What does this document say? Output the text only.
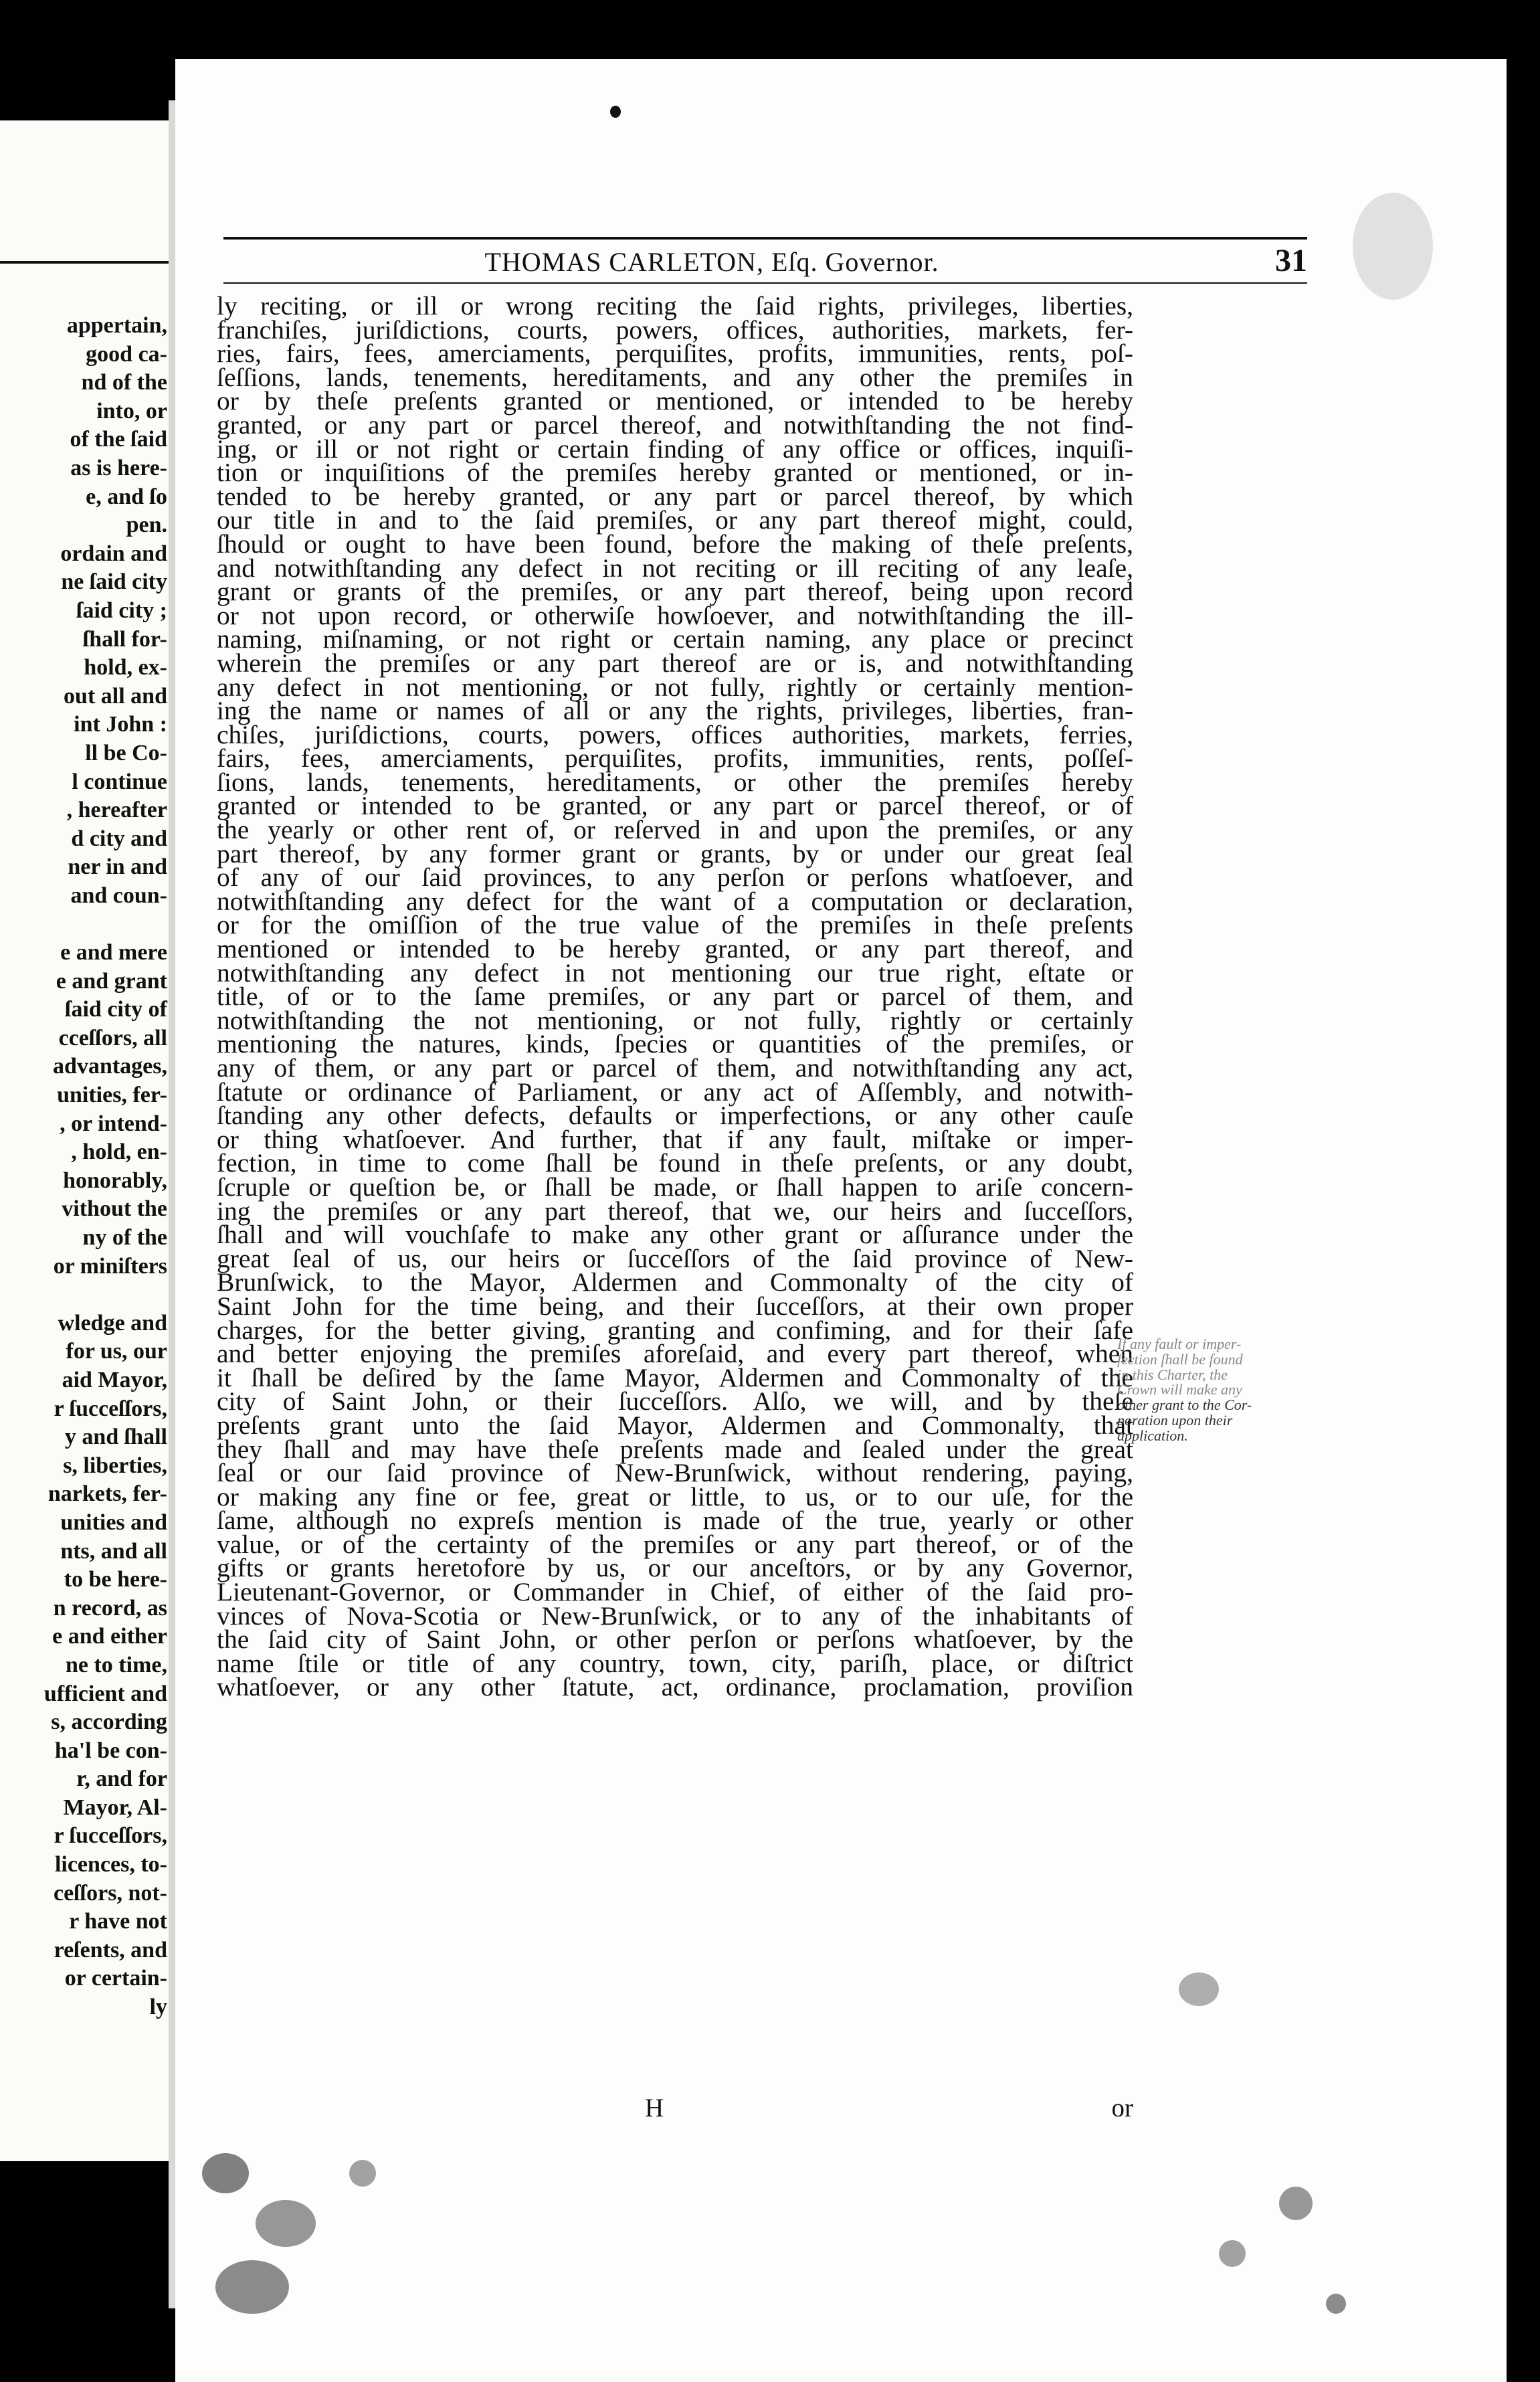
appertain,
good ca-
nd of the
into, or
of the ſaid
as is here-
e, and ſo
pen.
ordain and
ne ſaid city
ſaid city ;
ſhall for-
hold, ex-
out all and
int John :
ll be Co-
l continue
, hereafter
d city and
ner in and
and coun-
e and mere
e and grant
ſaid city of
cceſſors, all
advantages,
unities, fer-
, or intend-
, hold, en-
honorably,
vithout the
ny of the
or miniſters
wledge and
for us, our
aid Mayor,
r ſucceſſors,
y and ſhall
s, liberties,
narkets, fer-
unities and
nts, and all
to be here-
n record, as
e and either
ne to time,
ufficient and
s, according
ha'l be con-
r, and for
Mayor, Al-
r ſucceſſors,
licences, to-
ceſſors, not-
r have not
reſents, and
or certain-
ly
THOMAS CARLETON, Eſq. Governor.	31
ly reciting, or ill or wrong reciting the ſaid rights, privileges, liberties,
franchiſes, juriſdictions, courts, powers, offices, authorities, markets, fer-
ries, fairs, fees, amerciaments, perquiſites, profits, immunities, rents, poſ-
ſeſſions, lands, tenements, hereditaments, and any other the premiſes in
or by theſe preſents granted or mentioned, or intended to be hereby
granted, or any part or parcel thereof, and notwithſtanding the not find-
ing, or ill or not right or certain finding of any office or offices, inquiſi-
tion or inquiſitions of the premiſes hereby granted or mentioned, or in-
tended to be hereby granted, or any part or parcel thereof, by which
our title in and to the ſaid premiſes, or any part thereof might, could,
ſhould or ought to have been found, before the making of theſe preſents,
and notwithſtanding any defect in not reciting or ill reciting of any leaſe,
grant or grants of the premiſes, or any part thereof, being upon record
or not upon record, or otherwiſe howſoever, and notwithſtanding the ill-
naming, miſnaming, or not right or certain naming, any place or precinct
wherein the premiſes or any part thereof are or is, and notwithſtanding
any defect in not mentioning, or not fully, rightly or certainly mention-
ing the name or names of all or any the rights, privileges, liberties, fran-
chiſes, juriſdictions, courts, powers, offices authorities, markets, ferries,
fairs, fees, amerciaments, perquiſites, profits, immunities, rents, poſſeſ-
ſions, lands, tenements, hereditaments, or other the premiſes hereby
granted or intended to be granted, or any part or parcel thereof, or of
the yearly or other rent of, or reſerved in and upon the premiſes, or any
part thereof, by any former grant or grants, by or under our great ſeal
of any of our ſaid provinces, to any perſon or perſons whatſoever, and
notwithſtanding any defect for the want of a computation or declaration,
or for the omiſſion of the true value of the premiſes in theſe preſents
mentioned or intended to be hereby granted, or any part thereof, and
notwithſtanding any defect in not mentioning our true right, eſtate or
title, of or to the ſame premiſes, or any part or parcel of them, and
notwithſtanding the not mentioning, or not fully, rightly or certainly
mentioning the natures, kinds, ſpecies or quantities of the premiſes, or
any of them, or any part or parcel of them, and notwithſtanding any act,
ſtatute or ordinance of Parliament, or any act of Aſſembly, and notwith-
ſtanding any other defects, defaults or imperfections, or any other cauſe
or thing whatſoever. And further, that if any fault, miſtake or imper-
fection, in time to come ſhall be found in theſe preſents, or any doubt,
ſcruple or queſtion be, or ſhall be made, or ſhall happen to ariſe concern-
ing the premiſes or any part thereof, that we, our heirs and ſucceſſors,
ſhall and will vouchſafe to make any other grant or aſſurance under the
great ſeal of us, our heirs or ſucceſſors of the ſaid province of New-
Brunſwick, to the Mayor, Aldermen and Commonalty of the city of
Saint John for the time being, and their ſucceſſors, at their own proper
charges, for the better giving, granting and confiming, and for their ſafe
and better enjoying the premiſes aforeſaid, and every part thereof, when
it ſhall be deſired by the ſame Mayor, Aldermen and Commonalty of the
city of Saint John, or their ſucceſſors. Alſo, we will, and by theſe
preſents grant unto the ſaid Mayor, Aldermen and Commonalty, that
they ſhall and may have theſe preſents made and ſealed under the great
ſeal or our ſaid province of New-Brunſwick, without rendering, paying,
or making any fine or fee, great or little, to us, or to our uſe, for the
ſame, although no expreſs mention is made of the true, yearly or other
value, or of the certainty of the premiſes or any part thereof, or of the
gifts or grants heretofore by us, or our anceſtors, or by any Governor,
Lieutenant-Governor, or Commander in Chief, of either of the ſaid pro-
vinces of Nova-Scotia or New-Brunſwick, or to any of the inhabitants of
the ſaid city of Saint John, or other perſon or perſons whatſoever, by the
name ſtile or title of any country, town, city, pariſh, place, or diſtrict
whatſoever, or any other ſtatute, act, ordinance, proclamation, proviſion
H	or
If any fault or imper-
fection ſhall be found
in this Charter, the
Crown will make any
other grant to the Cor-
poration upon their
application.
